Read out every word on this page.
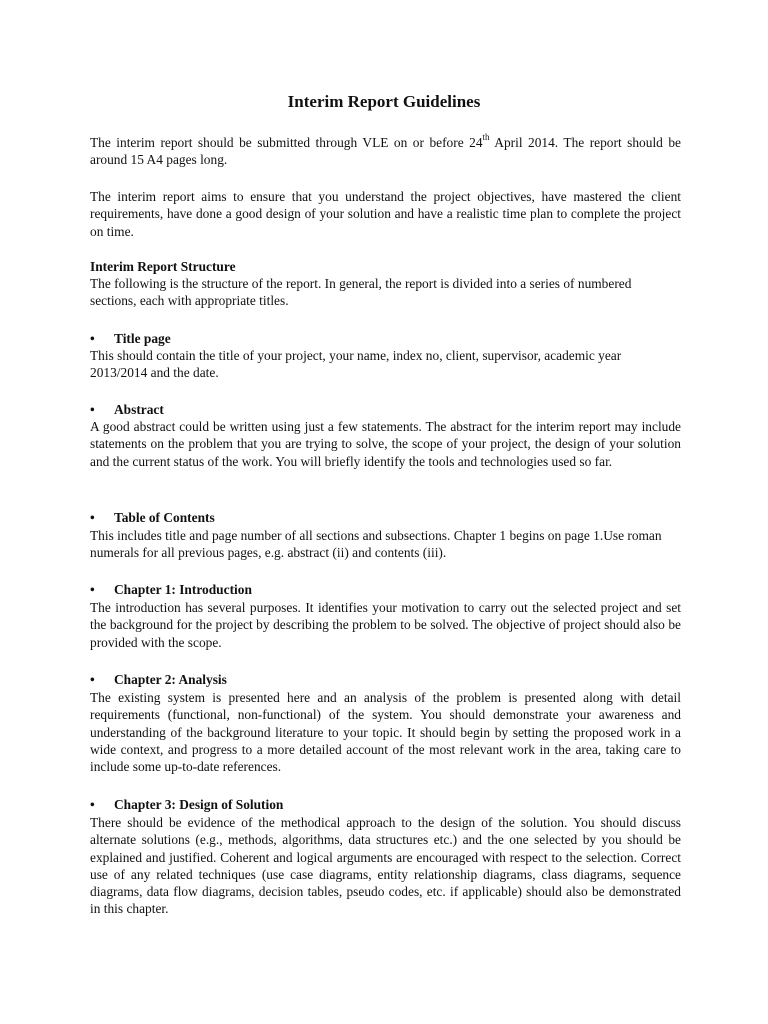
Interim Report Guidelines

The interim report should be submitted through VLE on or before 24th April 2014. The report should be around 15 A4 pages long.

The interim report aims to ensure that you understand the project objectives, have mastered the client requirements, have done a good design of your solution and have a realistic time plan to complete the project on time.

Interim Report Structure

The following is the structure of the report. In general, the report is divided into a series of numbered sections, each with appropriate titles.

• Title page

This should contain the title of your project, your name, index no, client, supervisor, academic year 2013/2014 and the date.

• Abstract

A good abstract could be written using just a few statements. The abstract for the interim report may include statements on the problem that you are trying to solve, the scope of your project, the design of your solution and the current status of the work. You will briefly identify the tools and technologies used so far.

• Table of Contents

This includes title and page number of all sections and subsections. Chapter 1 begins on page 1.Use roman numerals for all previous pages, e.g. abstract (ii) and contents (iii).

• Chapter 1: Introduction

The introduction has several purposes. It identifies your motivation to carry out the selected project and set the background for the project by describing the problem to be solved. The objective of project should also be provided with the scope.

• Chapter 2: Analysis

The existing system is presented here and an analysis of the problem is presented along with detail requirements (functional, non-functional) of the system. You should demonstrate your awareness and understanding of the background literature to your topic. It should begin by setting the proposed work in a wide context, and progress to a more detailed account of the most relevant work in the area, taking care to include some up-to-date references.

• Chapter 3: Design of Solution

There should be evidence of the methodical approach to the design of the solution. You should discuss alternate solutions (e.g., methods, algorithms, data structures etc.) and the one selected by you should be explained and justified. Coherent and logical arguments are encouraged with respect to the selection. Correct use of any related techniques (use case diagrams, entity relationship diagrams, class diagrams, sequence diagrams, data flow diagrams, decision tables, pseudo codes, etc. if applicable) should also be demonstrated in this chapter.
